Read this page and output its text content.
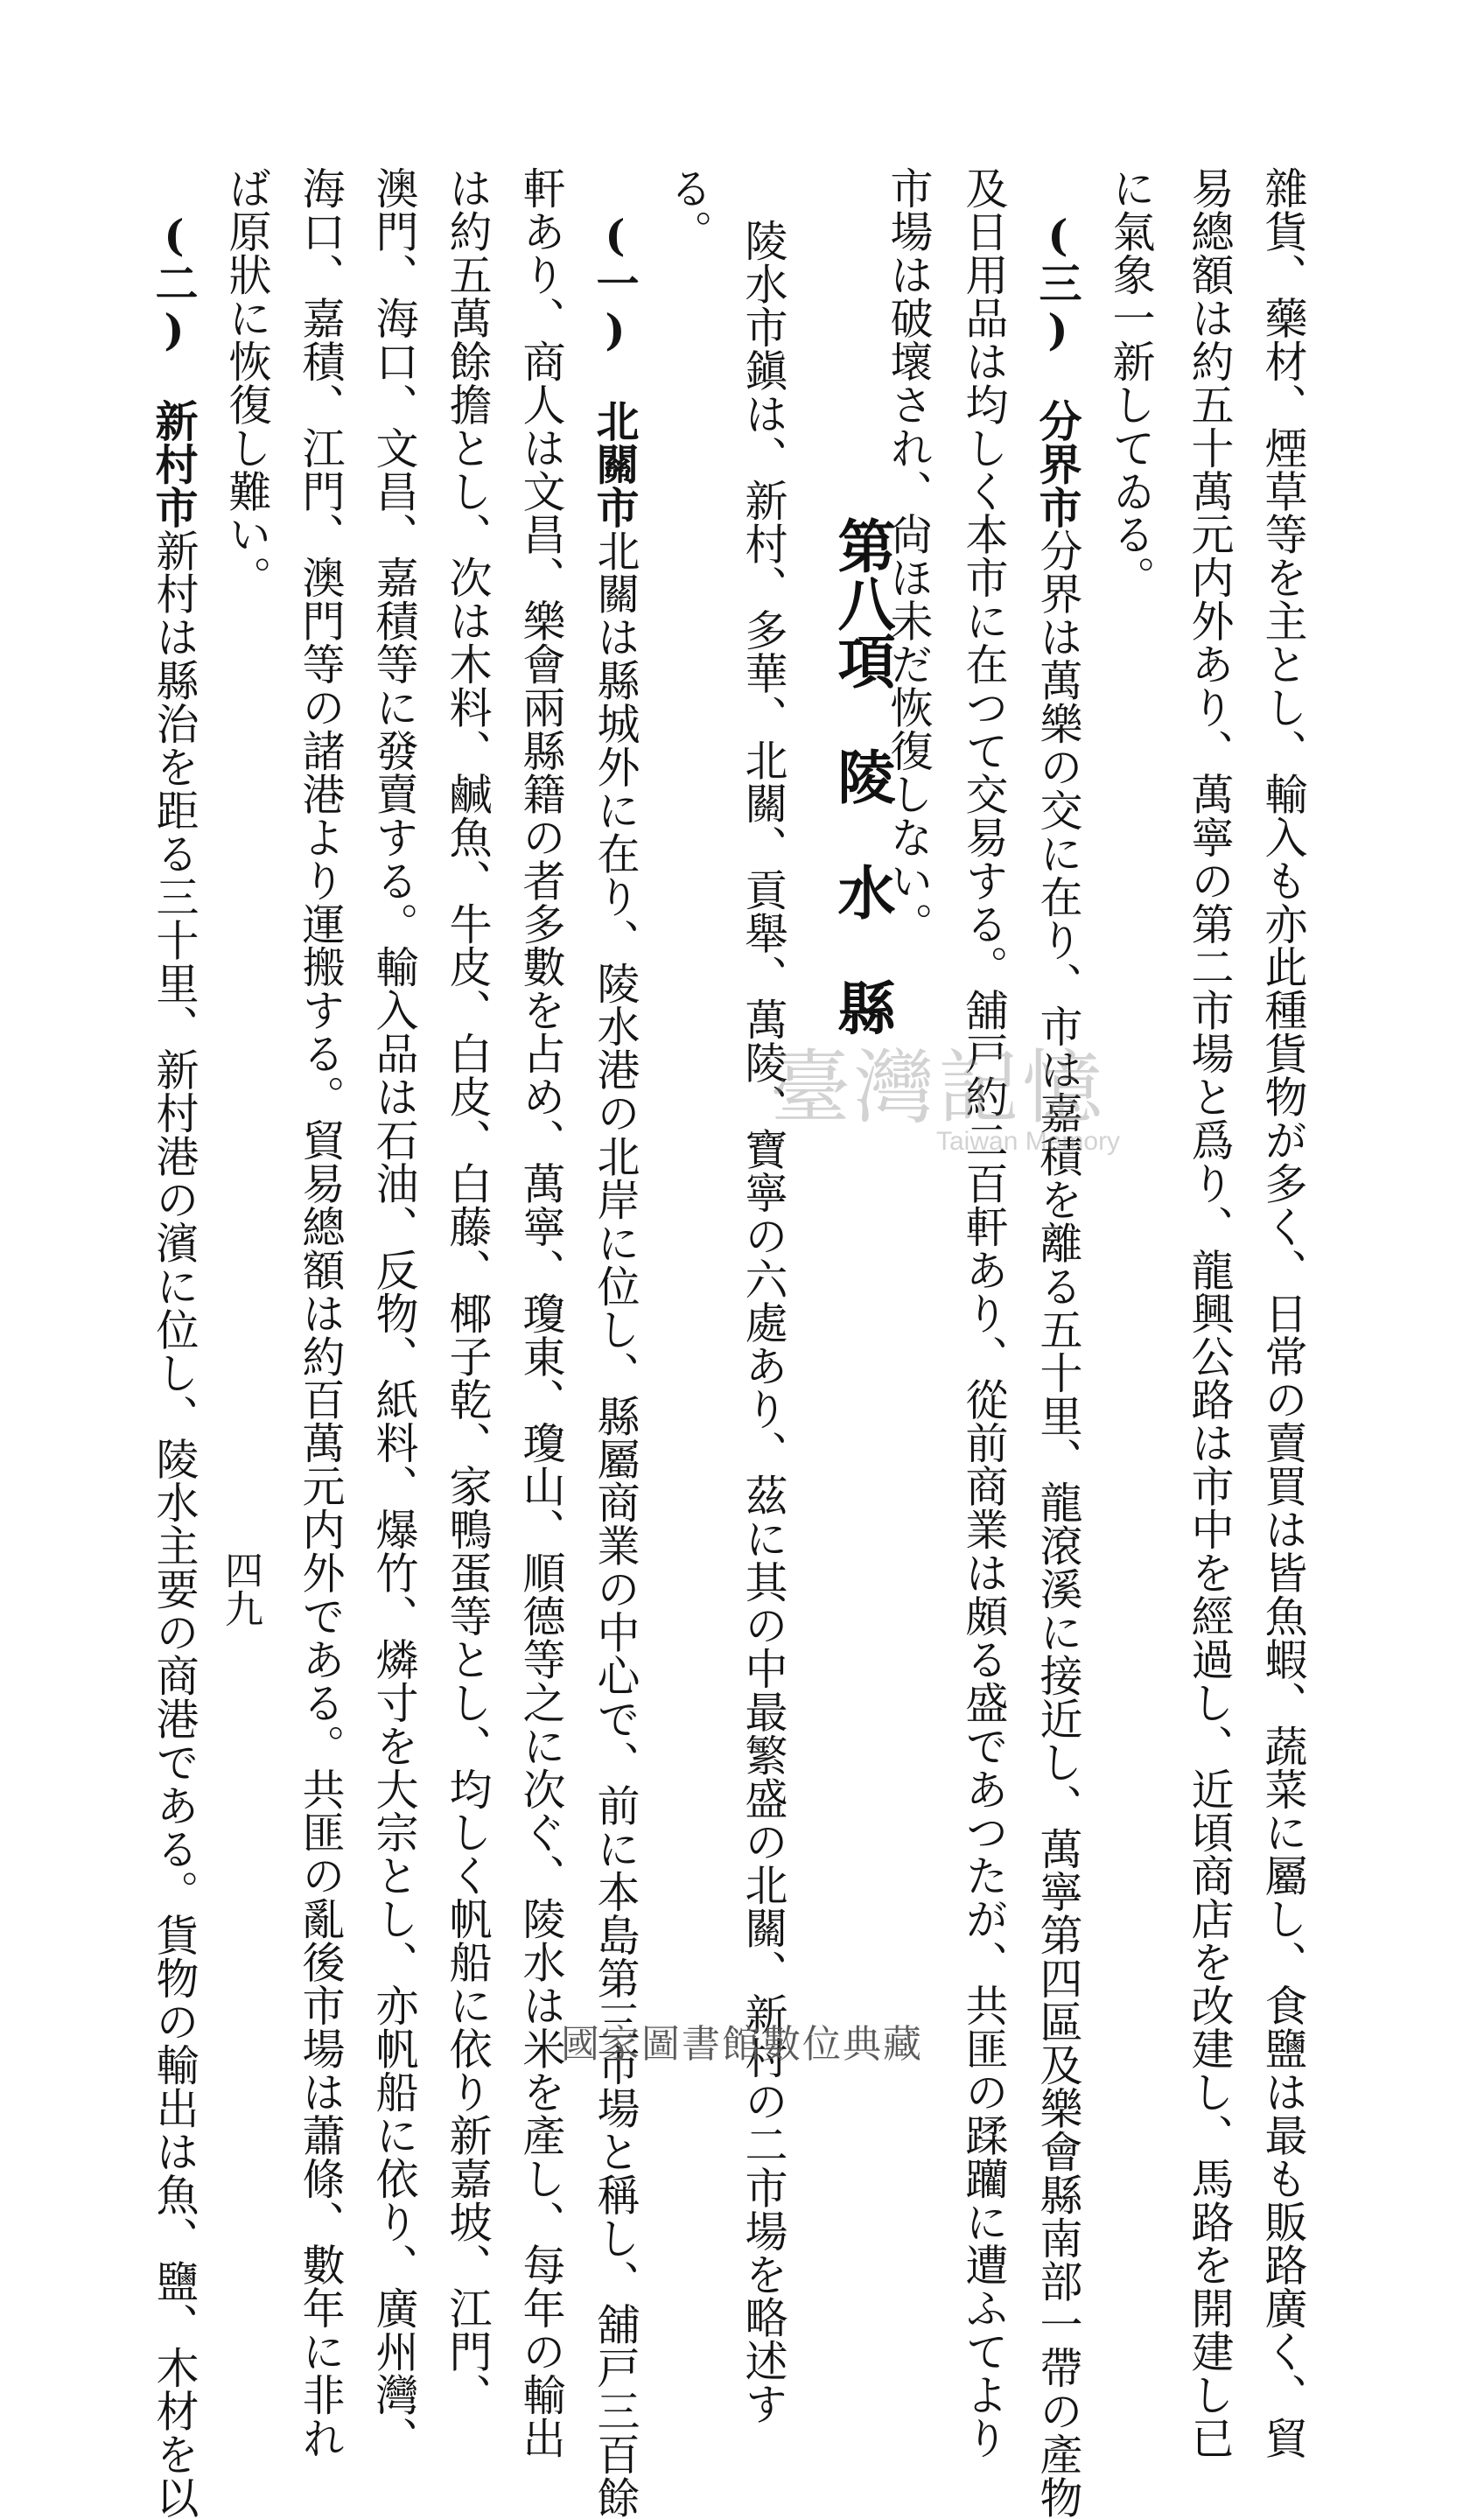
雜貨、藥材、煙草等を主とし、輸入も亦此種貨物が多く、日常の賣買は皆魚蝦、蔬菜に屬し、食鹽は最も販路廣く、貿
易總額は約五十萬元内外あり、萬寧の第二市場と爲り、龍興公路は市中を經過し、近頃商店を改建し、馬路を開建し已
に氣象一新してゐる。
(三)　分界市分界は萬樂の交に在り、市は嘉積を離る五十里、龍滾溪に接近し、萬寧第四區及樂會縣南部一帶の產物
及日用品は均しく本市に在つて交易する。舖戸約二百軒あり、從前商業は頗る盛であつたが、共匪の蹂躪に遭ふてより
市場は破壞され、尙ほ未だ恢復しない。
第八項　陵　水　縣
陵水市鎭は、新村、多華、北關、貢舉、萬陵、寶寧の六處あり、茲に其の中最繁盛の北關、新村の二市場を略述す
る。
(一)　北關市北關は縣城外に在り、陵水港の北岸に位し、縣屬商業の中心で、前に本島第三市場と稱し、舖戸三百餘
軒あり、商人は文昌、樂會兩縣籍の者多數を占め、萬寧、瓊東、瓊山、順德等之に次ぐ、陵水は米を產し、每年の輸出
は約五萬餘擔とし、次は木料、鹹魚、牛皮、白皮、白藤、椰子乾、家鴨蛋等とし、均しく帆船に依り新嘉坡、江門、
澳門、海口、文昌、嘉積等に發賣する。輸入品は石油、反物、紙料、爆竹、燐寸を大宗とし、亦帆船に依り、廣州灣、
海口、嘉積、江門、澳門等の諸港より運搬する。貿易總額は約百萬元内外である。共匪の亂後市場は蕭條、數年に非れ
ば原狀に恢復し難い。
(二)　新村市新村は縣治を距る三十里、新村港の濱に位し、陵水主要の商港である。貨物の輸出は魚、鹽、木材を以 四九
臺灣記憶
Taiwan Memory
國家圖書館數位典藏
